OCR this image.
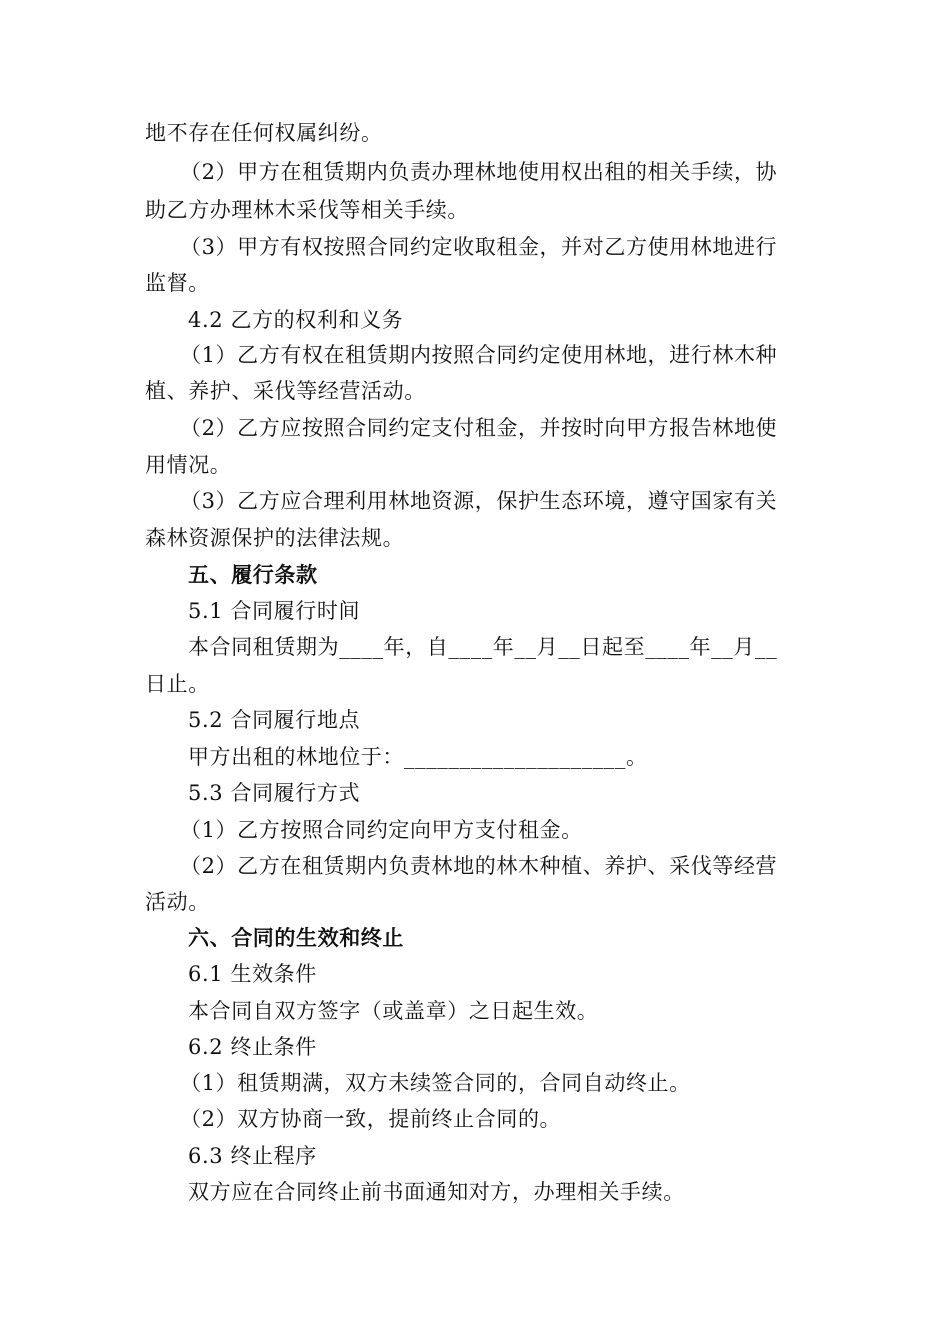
地不存在任何权属纠纷。
（2）甲方在租赁期内负责办理林地使用权出租的相关手续，协
助乙方办理林木采伐等相关手续。
（3）甲方有权按照合同约定收取租金，并对乙方使用林地进行
监督。
4.2 乙方的权利和义务
（1）乙方有权在租赁期内按照合同约定使用林地，进行林木种
植、养护、采伐等经营活动。
（2）乙方应按照合同约定支付租金，并按时向甲方报告林地使
用情况。
（3）乙方应合理利用林地资源，保护生态环境，遵守国家有关
森林资源保护的法律法规。
五、履行条款
5.1 合同履行时间
本合同租赁期为____年，自____年__月__日起至____年__月__
日止。
5.2 合同履行地点
甲方出租的林地位于：____________________。
5.3 合同履行方式
（1）乙方按照合同约定向甲方支付租金。
（2）乙方在租赁期内负责林地的林木种植、养护、采伐等经营
活动。
六、合同的生效和终止
6.1 生效条件
本合同自双方签字（或盖章）之日起生效。
6.2 终止条件
（1）租赁期满，双方未续签合同的，合同自动终止。
（2）双方协商一致，提前终止合同的。
6.3 终止程序
双方应在合同终止前书面通知对方，办理相关手续。
